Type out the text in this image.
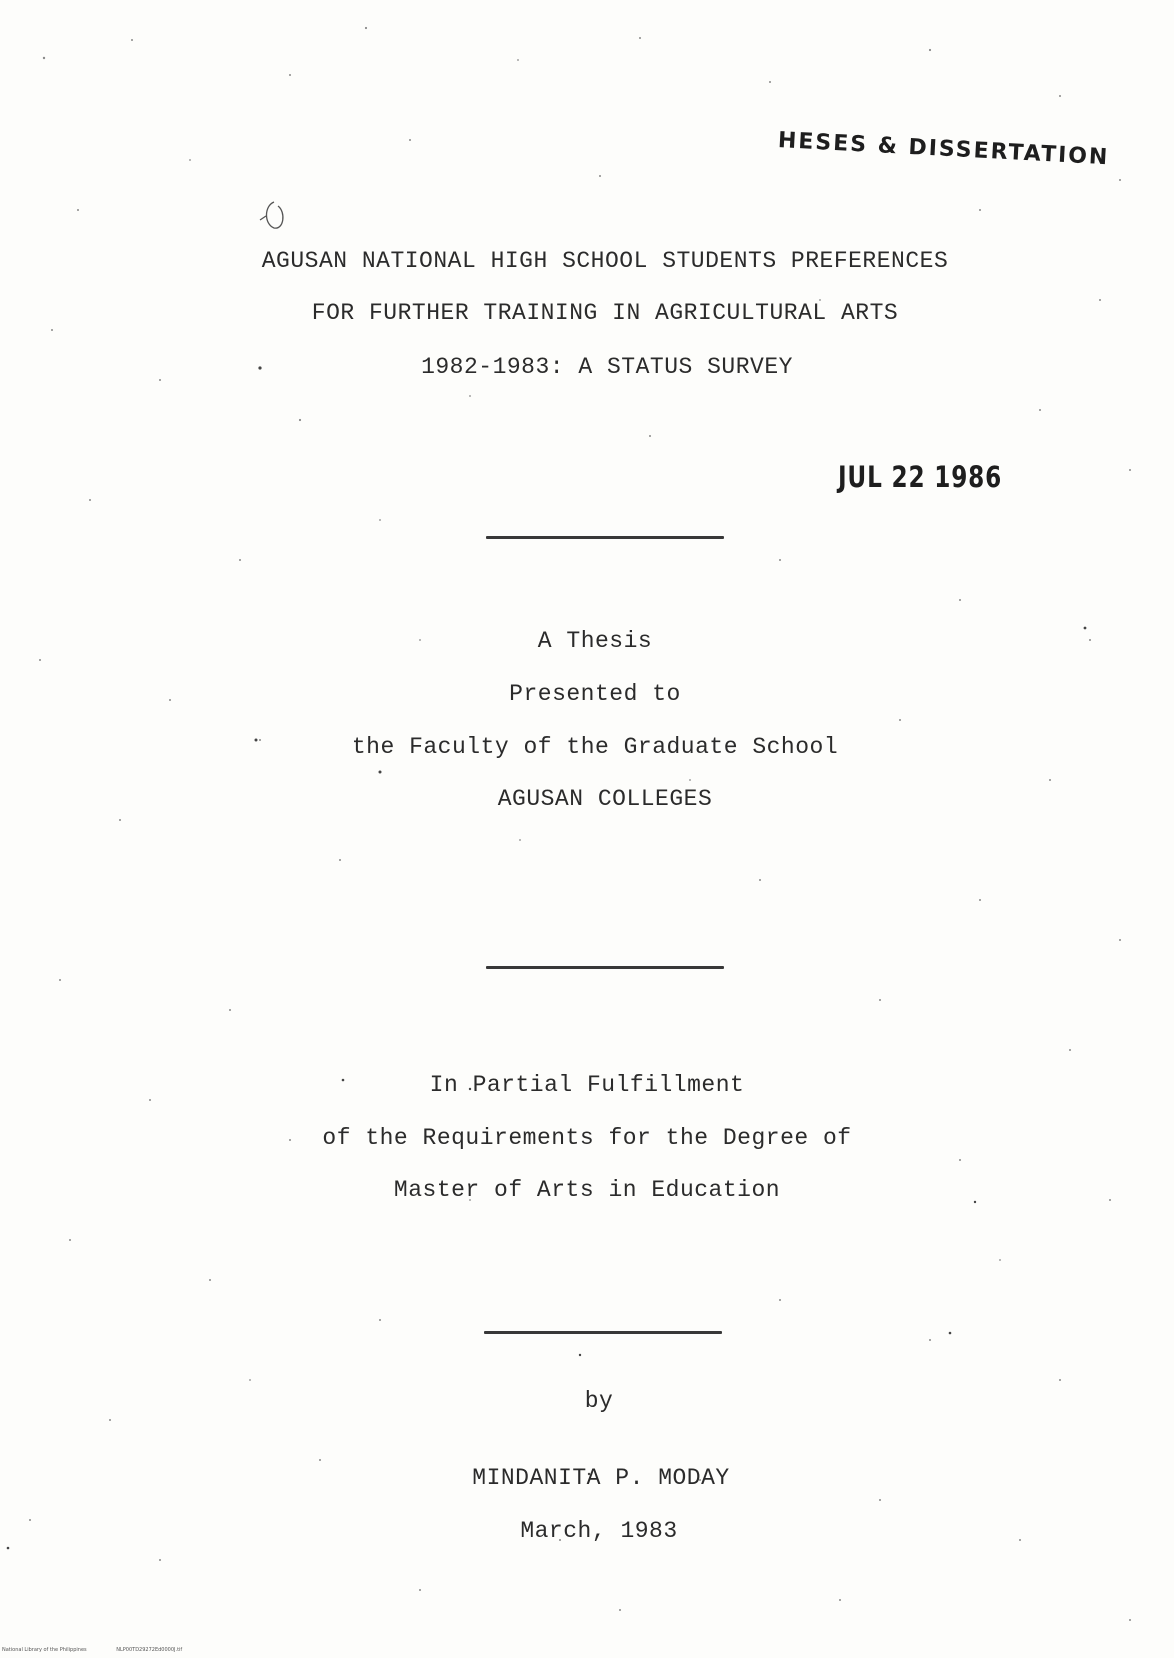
HESES & DISSERTATION
AGUSAN NATIONAL HIGH SCHOOL STUDENTS PREFERENCES
FOR FURTHER TRAINING IN AGRICULTURAL ARTS
1982-1983: A STATUS SURVEY
JUL 22 1986
A Thesis
Presented to
the Faculty of the Graduate School
AGUSAN COLLEGES
In Partial Fulfillment
of the Requirements for the Degree of
Master of Arts in Education
by
MINDANITA P. MODAY
March, 1983
National Library of the Philippines	NLP00TD29272Ed0000J.tif
